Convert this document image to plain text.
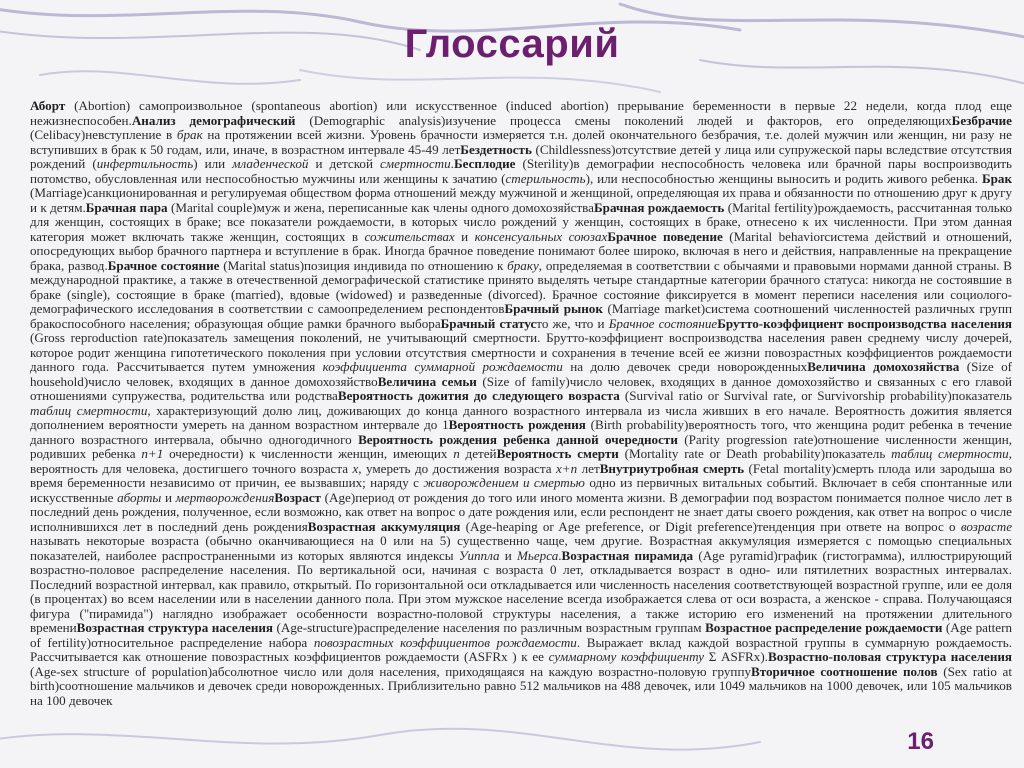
Глоссарий
Аборт (Abortion) самопроизвольное (spontaneous abortion) или искусственное (induced abortion) прерывание беременности в первые 22 недели, когда плод еще нежизнеспособен.Анализ демографический (Demographic analysis)изучение процесса смены поколений людей и факторов, его определяющихБезбрачие (Celibacy)невступление в брак на протяжении всей жизни. Уровень брачности измеряется т.н. долей окончательного безбрачия, т.е. долей мужчин или женщин, ни разу не вступивших в брак к 50 годам, или, иначе, в возрастном интервале 45-49 летБездетность (Childlessness)отсутствие детей у лица или супружеской пары вследствие отсутствия рождений (инфертильность) или младенческой и детской смертности.Бесплодие (Sterility)в демографии неспособность человека или брачной пары воспроизводить потомство, обусловленная или неспособностью мужчины или женщины к зачатию (стерильность), или неспособностью женщины выносить и родить живого ребенка. Брак (Marriage)санкционированная и регулируемая обществом форма отношений между мужчиной и женщиной, определяющая их права и обязанности по отношению друг к другу и к детям.Брачная пара (Marital couple)муж и жена, переписанные как члены одного домохозяйстваБрачная рождаемость (Marital fertility)рождаемость, рассчитанная только для женщин, состоящих в браке; все показатели рождаемости, в которых число рождений у женщин, состоящих в браке, отнесено к их численности. При этом данная категория может включать также женщин, состоящих в сожительствах и консенсуальных союзахБрачное поведение (Marital behaviorсистема действий и отношений, опосредующих выбор брачного партнера и вступление в брак. Иногда брачное поведение понимают более широко, включая в него и действия, направленные на прекращение брака, развод.Брачное состояние (Marital status)позиция индивида по отношению к браку, определяемая в соответствии с обычаями и правовыми нормами данной страны. В международной практике, а также в отечественной демографической статистике принято выделять четыре стандартные категории брачного статуса: никогда не состоявшие в браке (single), состоящие в браке (married), вдовые (widowed) и разведенные (divorced). Брачное состояние фиксируется в момент переписи населения или социолого-демографического исследования в соответствии с самоопределением респондентовБрачный рынок (Marriage market)система соотношений численностей различных групп бракоспособного населения; образующая общие рамки брачного выбораБрачный статусто же, что и Брачное состояниеБрутто-коэффициент воспроизводства населения (Gross reproduction rate)показатель замещения поколений, не учитывающий смертности. Брутто-коэффициент воспроизводства населения равен среднему числу дочерей, которое родит женщина гипотетического поколения при условии отсутствия смертности и сохранения в течение всей ее жизни повозрастных коэффициентов рождаемости данного года. Рассчитывается путем умножения коэффициента суммарной рождаемости на долю девочек среди новорожденныхВеличина домохозяйства (Size of household)число человек, входящих в данное домохозяйствоВеличина семьи (Size of family)число человек, входящих в данное домохозяйство и связанных с его главой отношениями супружества, родительства или родстваВероятность дожития до следующего возраста (Survival ratio or Survival rate, or Survivorship probability)показатель таблиц смертности, характеризующий долю лиц, доживающих до конца данного возрастного интервала из числа живших в его начале. Вероятность дожития является дополнением вероятности умереть на данном возрастном интервале до 1Вероятность рождения (Birth probability)вероятность того, что женщина родит ребенка в течение данного возрастного интервала, обычно одногодичного Вероятность рождения ребенка данной очередности (Parity progression rate)отношение численности женщин, родивших ребенка n+1 очередности) к численности женщин, имеющих n детейВероятность смерти (Mortality rate or Death probability)показатель таблиц смертности, вероятность для человека, достигшего точного возраста x, умереть до достижения возраста x+n летВнутриутробная смерть (Fetal mortality)смерть плода или зародыша во время беременности независимо от причин, ее вызвавших; наряду с живорождением и смертью одно из первичных витальных событий. Включает в себя спонтанные или искусственные аборты и мертворожденияВозраст (Age)период от рождения до того или иного момента жизни. В демографии под возрастом понимается полное число лет в последний день рождения, полученное, если возможно, как ответ на вопрос о дате рождения или, если респондент не знает даты своего рождения, как ответ на вопрос о числе исполнившихся лет в последний день рожденияВозрастная аккумуляция (Age-heaping or Age preference, or Digit preference)тенденция при ответе на вопрос о возрасте называть некоторые возраста (обычно оканчивающиеся на 0 или на 5) существенно чаще, чем другие. Возрастная аккумуляция измеряется с помощью специальных показателей, наиболее распространенными из которых являются индексы Уиппла и Мьерса.Возрастная пирамида (Age pyramid)график (гистограмма), иллюстрирующий возрастно-половое распределение населения. По вертикальной оси, начиная с возраста 0 лет, откладывается возраст в одно- или пятилетних возрастных интервалах. Последний возрастной интервал, как правило, открытый. По горизонтальной оси откладывается или численность населения соответствующей возрастной группе, или ее доля (в процентах) во всем населении или в населении данного пола. При этом мужское население всегда изображается слева от оси возраста, а женское - справа. Получающаяся фигура ("пирамида") наглядно изображает особенности возрастно-половой структуры населения, а также историю его изменений на протяжении длительного времениВозрастная структура населения (Age-structure)распределение населения по различным возрастным группам Возрастное распределение рождаемости (Age pattern of fertility)относительное распределение набора повозрастных коэффициентов рождаемости. Выражает вклад каждой возрастной группы в суммарную рождаемость. Рассчитывается как отношение повозрастных коэффициентов рождаемости (ASFRx ) к ее суммарному коэффициенту Σ ASFRx).Возрастно-половая структура населения (Age-sex structure of population)абсолютное число или доля населения, приходящаяся на каждую возрастно-половую группуВторичное соотношение полов (Sex ratio at birth)соотношение мальчиков и девочек среди новорожденных. Приблизительно равно 512 мальчиков на 488 девочек, или 1049 мальчиков на 1000 девочек, или 105 мальчиков на 100 девочек
16
